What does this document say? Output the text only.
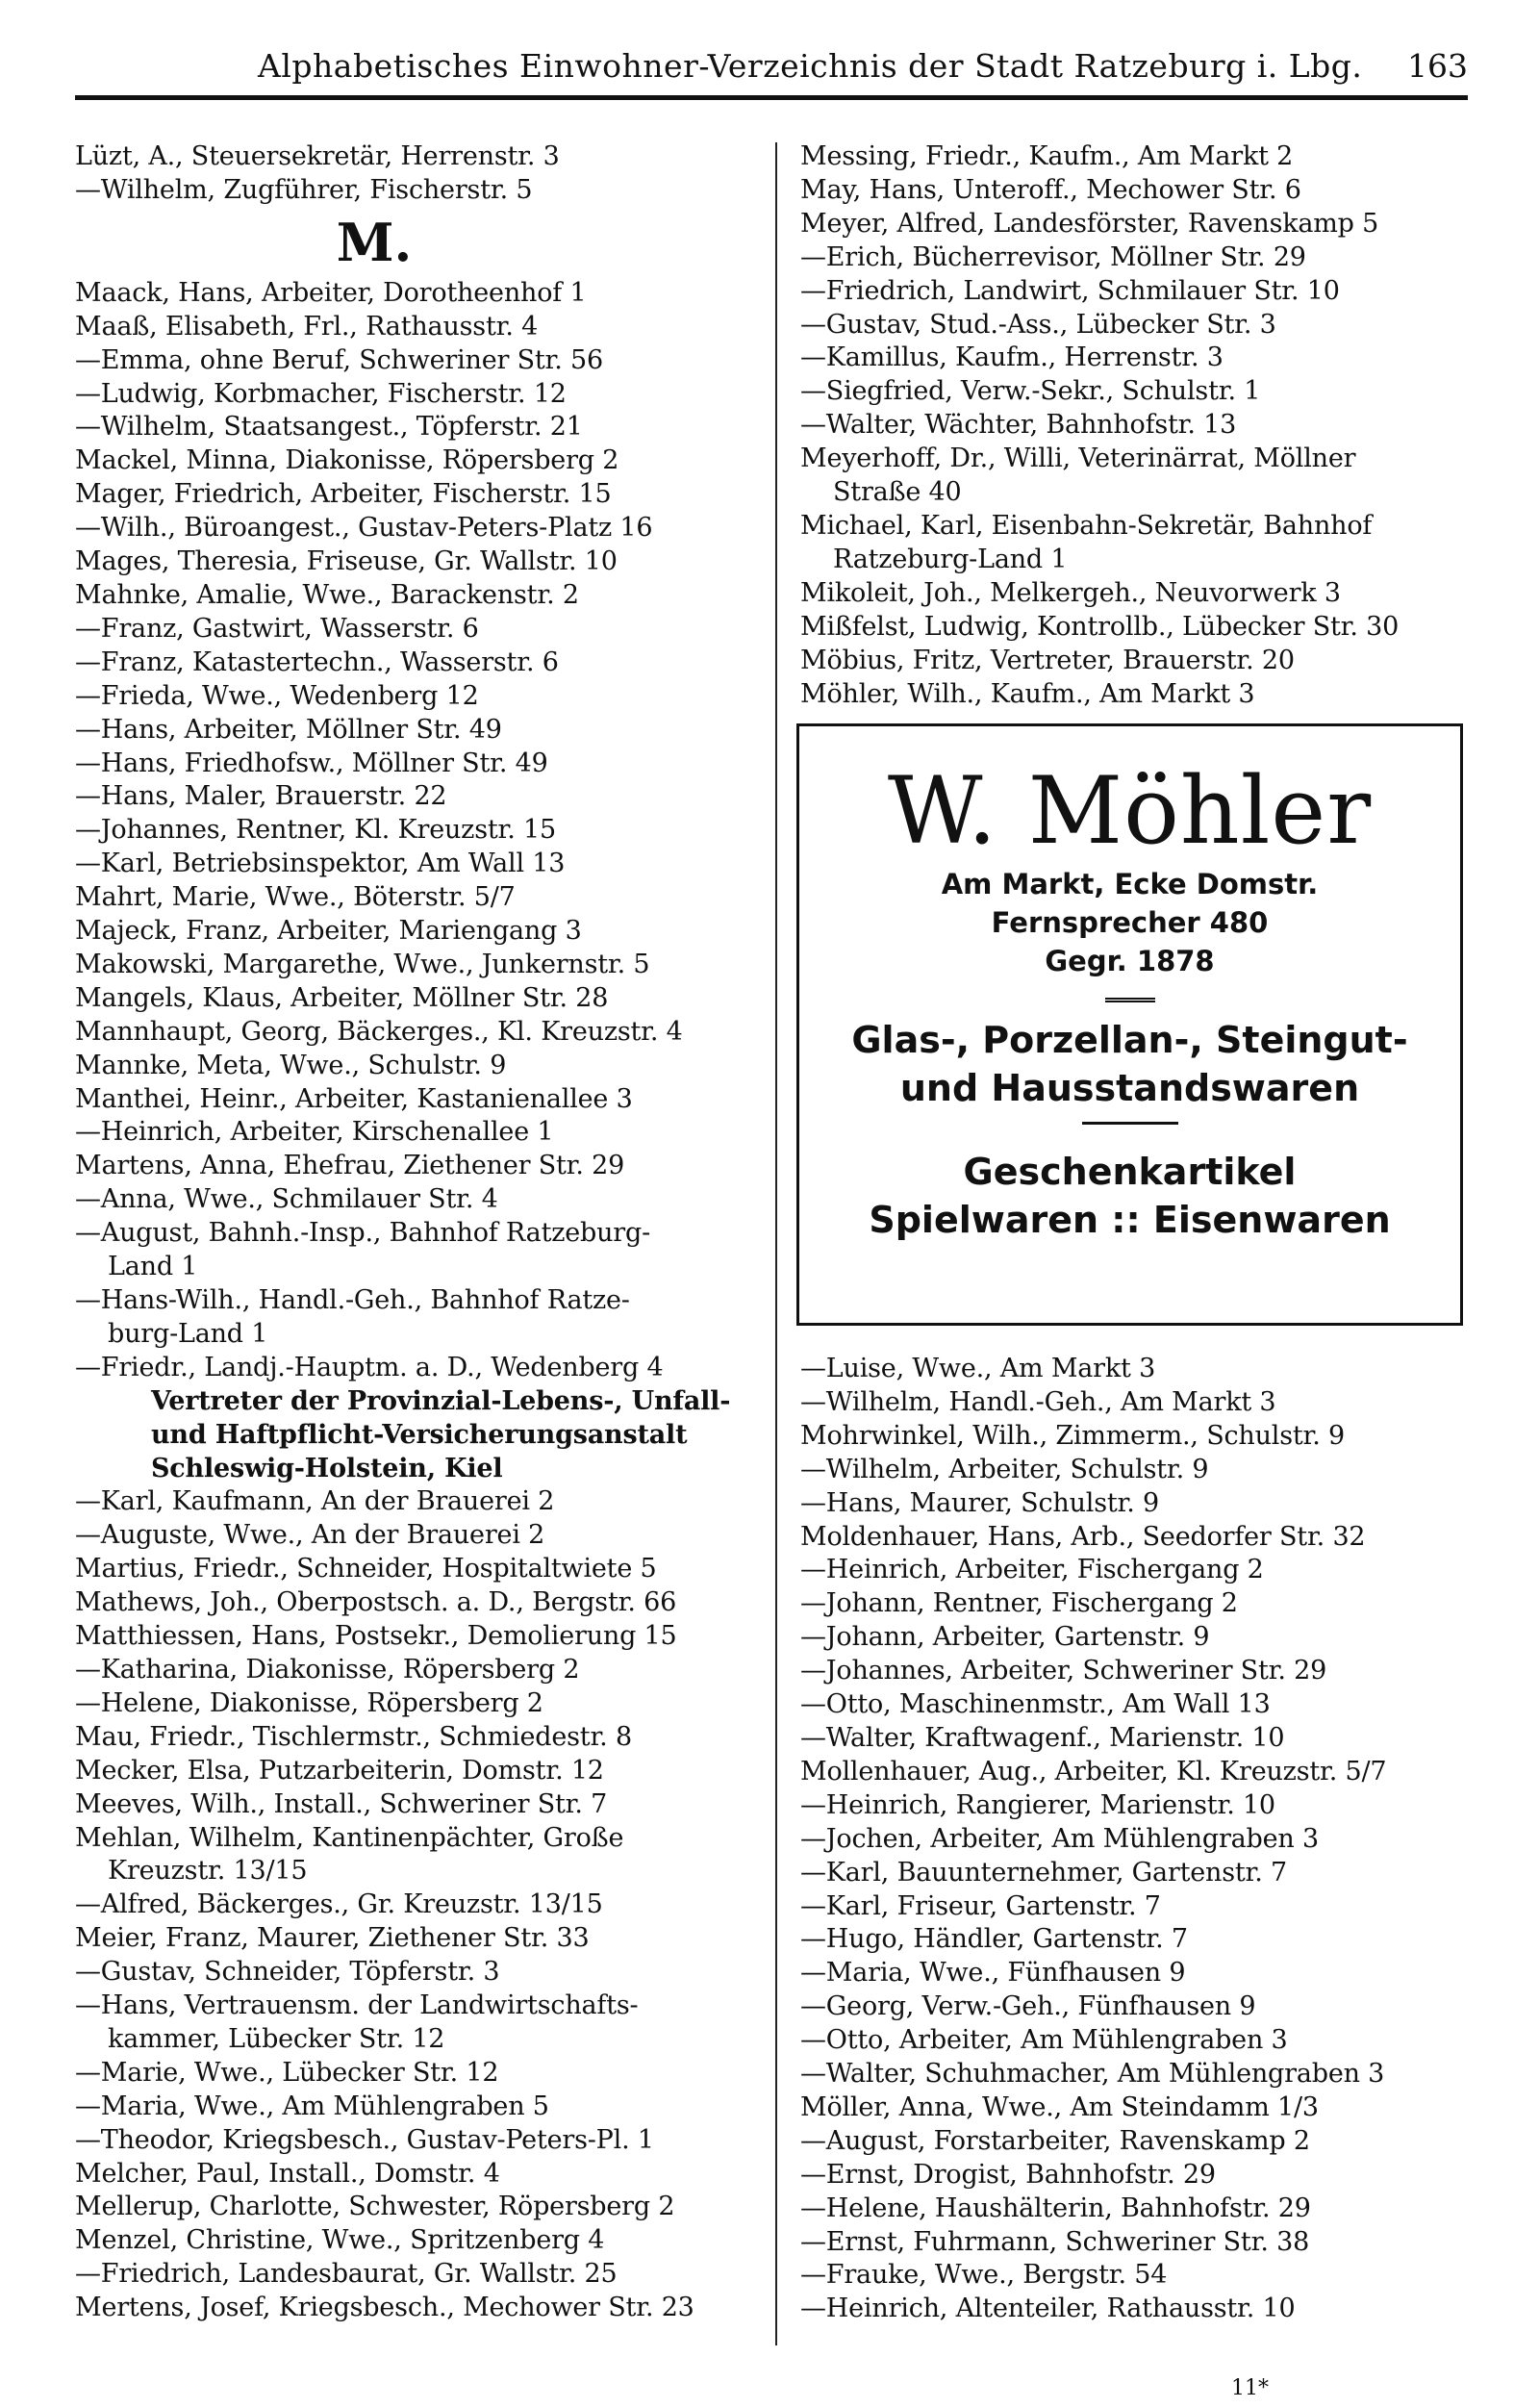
Alphabetisches Einwohner-Verzeichnis der Stadt Ratzeburg i. Lbg. 163
Lüzt, A., Steuersekretär, Herrenstr. 3
—Wilhelm, Zugführer, Fischerstr. 5
M.
Maack, Hans, Arbeiter, Dorotheenhof 1
Maaß, Elisabeth, Frl., Rathausstr. 4
—Emma, ohne Beruf, Schweriner Str. 56
—Ludwig, Korbmacher, Fischerstr. 12
—Wilhelm, Staatsangest., Töpferstr. 21
Mackel, Minna, Diakonisse, Röpersberg 2
Mager, Friedrich, Arbeiter, Fischerstr. 15
—Wilh., Büroangest., Gustav-Peters-Platz 16
Mages, Theresia, Friseuse, Gr. Wallstr. 10
Mahnke, Amalie, Wwe., Barackenstr. 2
—Franz, Gastwirt, Wasserstr. 6
—Franz, Katastertechn., Wasserstr. 6
—Frieda, Wwe., Wedenberg 12
—Hans, Arbeiter, Möllner Str. 49
—Hans, Friedhofsw., Möllner Str. 49
—Hans, Maler, Brauerstr. 22
—Johannes, Rentner, Kl. Kreuzstr. 15
—Karl, Betriebsinspektor, Am Wall 13
Mahrt, Marie, Wwe., Böterstr. 5/7
Majeck, Franz, Arbeiter, Mariengang 3
Makowski, Margarethe, Wwe., Junkernstr. 5
Mangels, Klaus, Arbeiter, Möllner Str. 28
Mannhaupt, Georg, Bäckerges., Kl. Kreuzstr. 4
Mannke, Meta, Wwe., Schulstr. 9
Manthei, Heinr., Arbeiter, Kastanienallee 3
—Heinrich, Arbeiter, Kirschenallee 1
Martens, Anna, Ehefrau, Ziethener Str. 29
—Anna, Wwe., Schmilauer Str. 4
—August, Bahnh.-Insp., Bahnhof Ratzeburg-
Land 1
—Hans-Wilh., Handl.-Geh., Bahnhof Ratze-
burg-Land 1
—Friedr., Landj.-Hauptm. a. D., Wedenberg 4
Vertreter der Provinzial-Lebens-, Unfall-
und Haftpflicht-Versicherungsanstalt
Schleswig-Holstein, Kiel
—Karl, Kaufmann, An der Brauerei 2
—Auguste, Wwe., An der Brauerei 2
Martius, Friedr., Schneider, Hospitaltwiete 5
Mathews, Joh., Oberpostsch. a. D., Bergstr. 66
Matthiessen, Hans, Postsekr., Demolierung 15
—Katharina, Diakonisse, Röpersberg 2
—Helene, Diakonisse, Röpersberg 2
Mau, Friedr., Tischlermstr., Schmiedestr. 8
Mecker, Elsa, Putzarbeiterin, Domstr. 12
Meeves, Wilh., Install., Schweriner Str. 7
Mehlan, Wilhelm, Kantinenpächter, Große
Kreuzstr. 13/15
—Alfred, Bäckerges., Gr. Kreuzstr. 13/15
Meier, Franz, Maurer, Ziethener Str. 33
—Gustav, Schneider, Töpferstr. 3
—Hans, Vertrauensm. der Landwirtschafts-
kammer, Lübecker Str. 12
—Marie, Wwe., Lübecker Str. 12
—Maria, Wwe., Am Mühlengraben 5
—Theodor, Kriegsbesch., Gustav-Peters-Pl. 1
Melcher, Paul, Install., Domstr. 4
Mellerup, Charlotte, Schwester, Röpersberg 2
Menzel, Christine, Wwe., Spritzenberg 4
—Friedrich, Landesbaurat, Gr. Wallstr. 25
Mertens, Josef, Kriegsbesch., Mechower Str. 23
Messing, Friedr., Kaufm., Am Markt 2
May, Hans, Unteroff., Mechower Str. 6
Meyer, Alfred, Landesförster, Ravenskamp 5
—Erich, Bücherrevisor, Möllner Str. 29
—Friedrich, Landwirt, Schmilauer Str. 10
—Gustav, Stud.-Ass., Lübecker Str. 3
—Kamillus, Kaufm., Herrenstr. 3
—Siegfried, Verw.-Sekr., Schulstr. 1
—Walter, Wächter, Bahnhofstr. 13
Meyerhoff, Dr., Willi, Veterinärrat, Möllner
Straße 40
Michael, Karl, Eisenbahn-Sekretär, Bahnhof
Ratzeburg-Land 1
Mikoleit, Joh., Melkergeh., Neuvorwerk 3
Mißfelst, Ludwig, Kontrollb., Lübecker Str. 30
Möbius, Fritz, Vertreter, Brauerstr. 20
Möhler, Wilh., Kaufm., Am Markt 3
W. Möhler
Am Markt, Ecke Domstr.
Fernsprecher 480
Gegr. 1878
Glas-, Porzellan-, Steingut-
und Hausstandswaren
Geschenkartikel
Spielwaren :: Eisenwaren
—Luise, Wwe., Am Markt 3
—Wilhelm, Handl.-Geh., Am Markt 3
Mohrwinkel, Wilh., Zimmerm., Schulstr. 9
—Wilhelm, Arbeiter, Schulstr. 9
—Hans, Maurer, Schulstr. 9
Moldenhauer, Hans, Arb., Seedorfer Str. 32
—Heinrich, Arbeiter, Fischergang 2
—Johann, Rentner, Fischergang 2
—Johann, Arbeiter, Gartenstr. 9
—Johannes, Arbeiter, Schweriner Str. 29
—Otto, Maschinenmstr., Am Wall 13
—Walter, Kraftwagenf., Marienstr. 10
Mollenhauer, Aug., Arbeiter, Kl. Kreuzstr. 5/7
—Heinrich, Rangierer, Marienstr. 10
—Jochen, Arbeiter, Am Mühlengraben 3
—Karl, Bauunternehmer, Gartenstr. 7
—Karl, Friseur, Gartenstr. 7
—Hugo, Händler, Gartenstr. 7
—Maria, Wwe., Fünfhausen 9
—Georg, Verw.-Geh., Fünfhausen 9
—Otto, Arbeiter, Am Mühlengraben 3
—Walter, Schuhmacher, Am Mühlengraben 3
Möller, Anna, Wwe., Am Steindamm 1/3
—August, Forstarbeiter, Ravenskamp 2
—Ernst, Drogist, Bahnhofstr. 29
—Helene, Haushälterin, Bahnhofstr. 29
—Ernst, Fuhrmann, Schweriner Str. 38
—Frauke, Wwe., Bergstr. 54
—Heinrich, Altenteiler, Rathausstr. 10
11*
